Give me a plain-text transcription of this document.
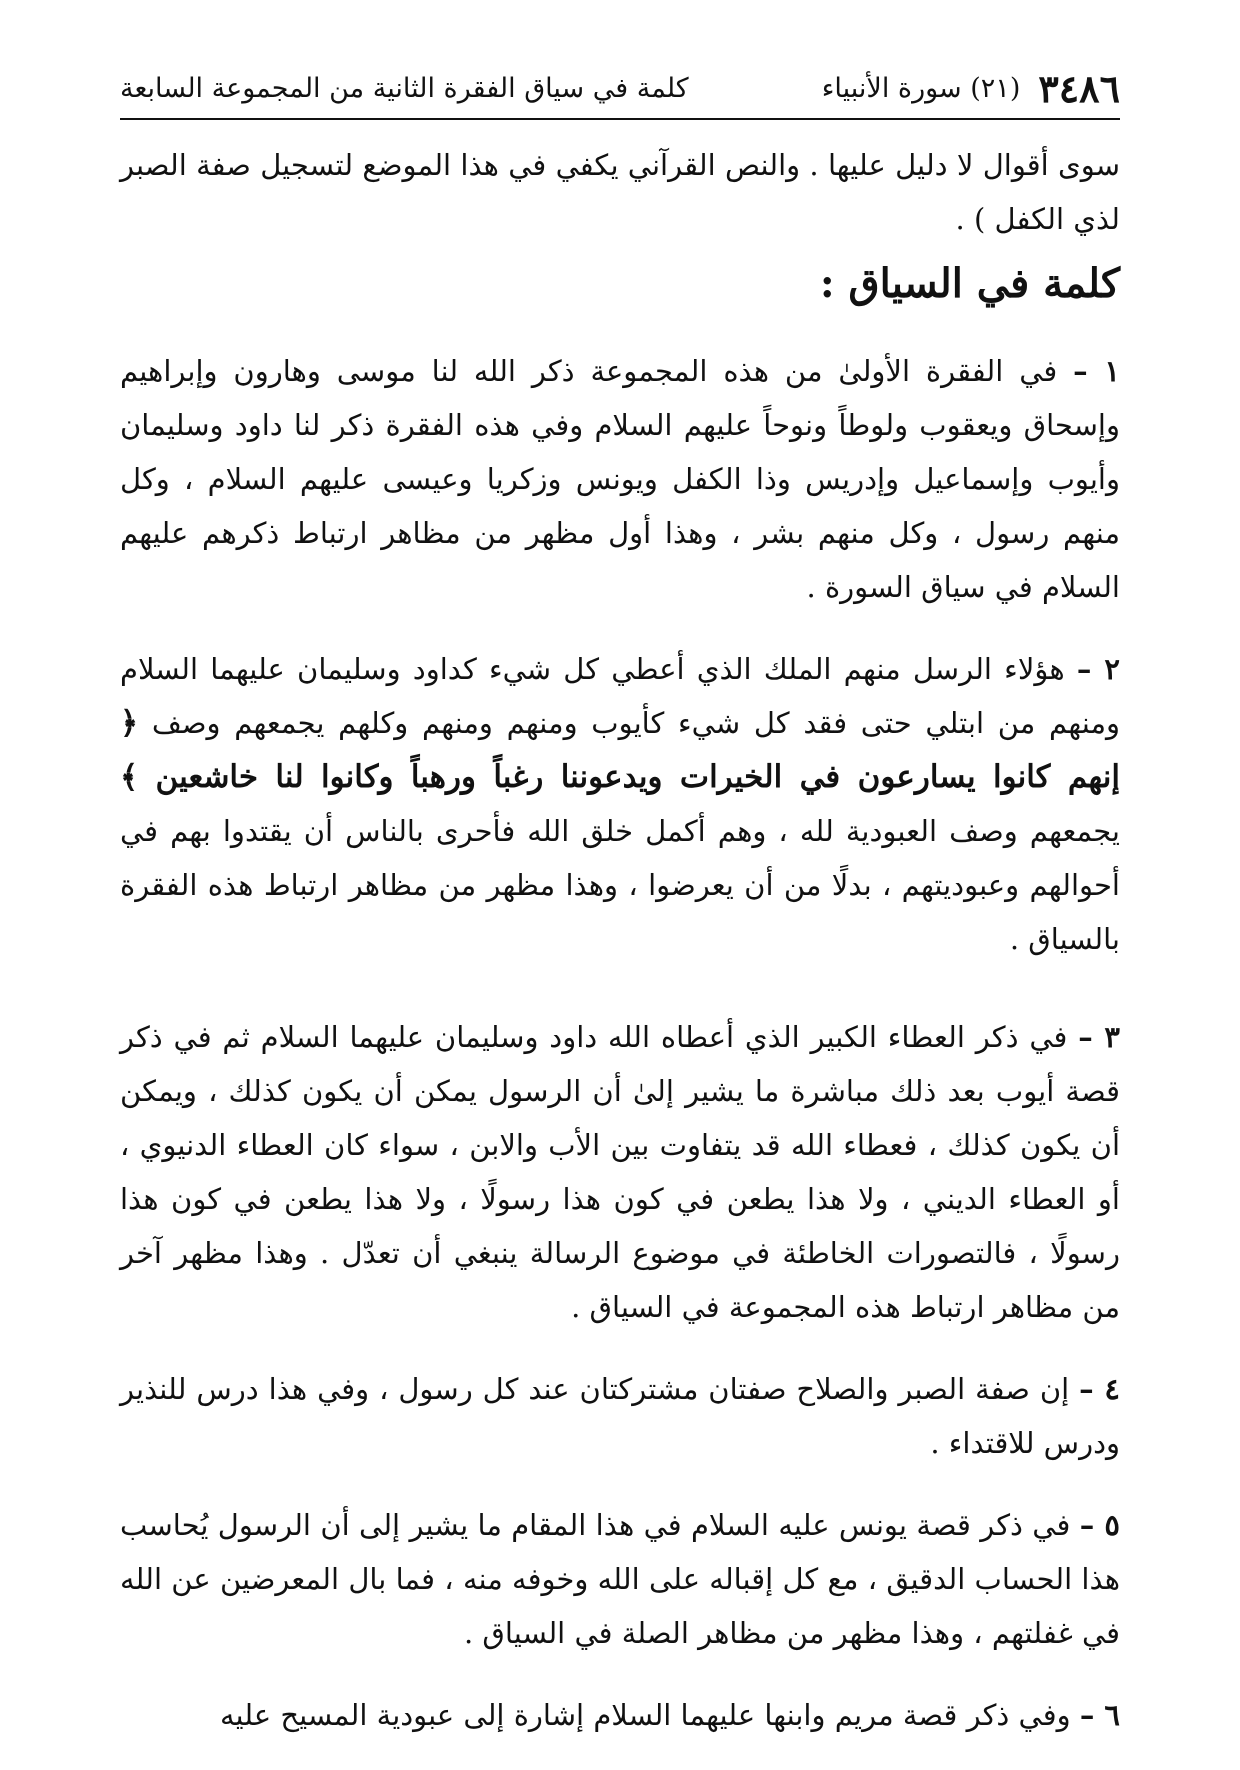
٣٤٨٦
(٢١) سورة الأنبياء
كلمة في سياق الفقرة الثانية من المجموعة السابعة

سوى أقوال لا دليل عليها . والنص القرآني يكفي في هذا الموضع لتسجيل صفة الصبر لذي الكفل ) .

كلمة في السياق :

١ – في الفقرة الأولىٰ من هذه المجموعة ذكر الله لنا موسى وهارون وإبراهيم وإسحاق ويعقوب ولوطاً ونوحاً عليهم السلام وفي هذه الفقرة ذكر لنا داود وسليمان وأيوب وإسماعيل وإدريس وذا الكفل ويونس وزكريا وعيسى عليهم السلام ، وكل منهم رسول ، وكل منهم بشر ، وهذا أول مظهر من مظاهر ارتباط ذكرهم عليهم السلام في سياق السورة .

٢ – هؤلاء الرسل منهم الملك الذي أعطي كل شيء كداود وسليمان عليهما السلام ومنهم من ابتلي حتى فقد كل شيء كأيوب ومنهم ومنهم وكلهم يجمعهم وصف ﴿ إنهم كانوا يسارعون في الخيرات ويدعوننا رغباً ورهباً وكانوا لنا خاشعين ﴾ يجمعهم وصف العبودية لله ، وهم أكمل خلق الله فأحرى بالناس أن يقتدوا بهم في أحوالهم وعبوديتهم ، بدلًا من أن يعرضوا ، وهذا مظهر من مظاهر ارتباط هذه الفقرة بالسياق .

٣ – في ذكر العطاء الكبير الذي أعطاه الله داود وسليمان عليهما السلام ثم في ذكر قصة أيوب بعد ذلك مباشرة ما يشير إلىٰ أن الرسول يمكن أن يكون كذلك ، ويمكن أن يكون كذلك ، فعطاء الله قد يتفاوت بين الأب والابن ، سواء كان العطاء الدنيوي ، أو العطاء الديني ، ولا هذا يطعن في كون هذا رسولًا ، ولا هذا يطعن في كون هذا رسولًا ، فالتصورات الخاطئة في موضوع الرسالة ينبغي أن تعدّل . وهذا مظهر آخر من مظاهر ارتباط هذه المجموعة في السياق .

٤ – إن صفة الصبر والصلاح صفتان مشتركتان عند كل رسول ، وفي هذا درس للنذير ودرس للاقتداء .

٥ – في ذكر قصة يونس عليه السلام في هذا المقام ما يشير إلى أن الرسول يُحاسب هذا الحساب الدقيق ، مع كل إقباله على الله وخوفه منه ، فما بال المعرضين عن الله في غفلتهم ، وهذا مظهر من مظاهر الصلة في السياق .

٦ – وفي ذكر قصة مريم وابنها عليهما السلام إشارة إلى عبودية المسيح عليه
